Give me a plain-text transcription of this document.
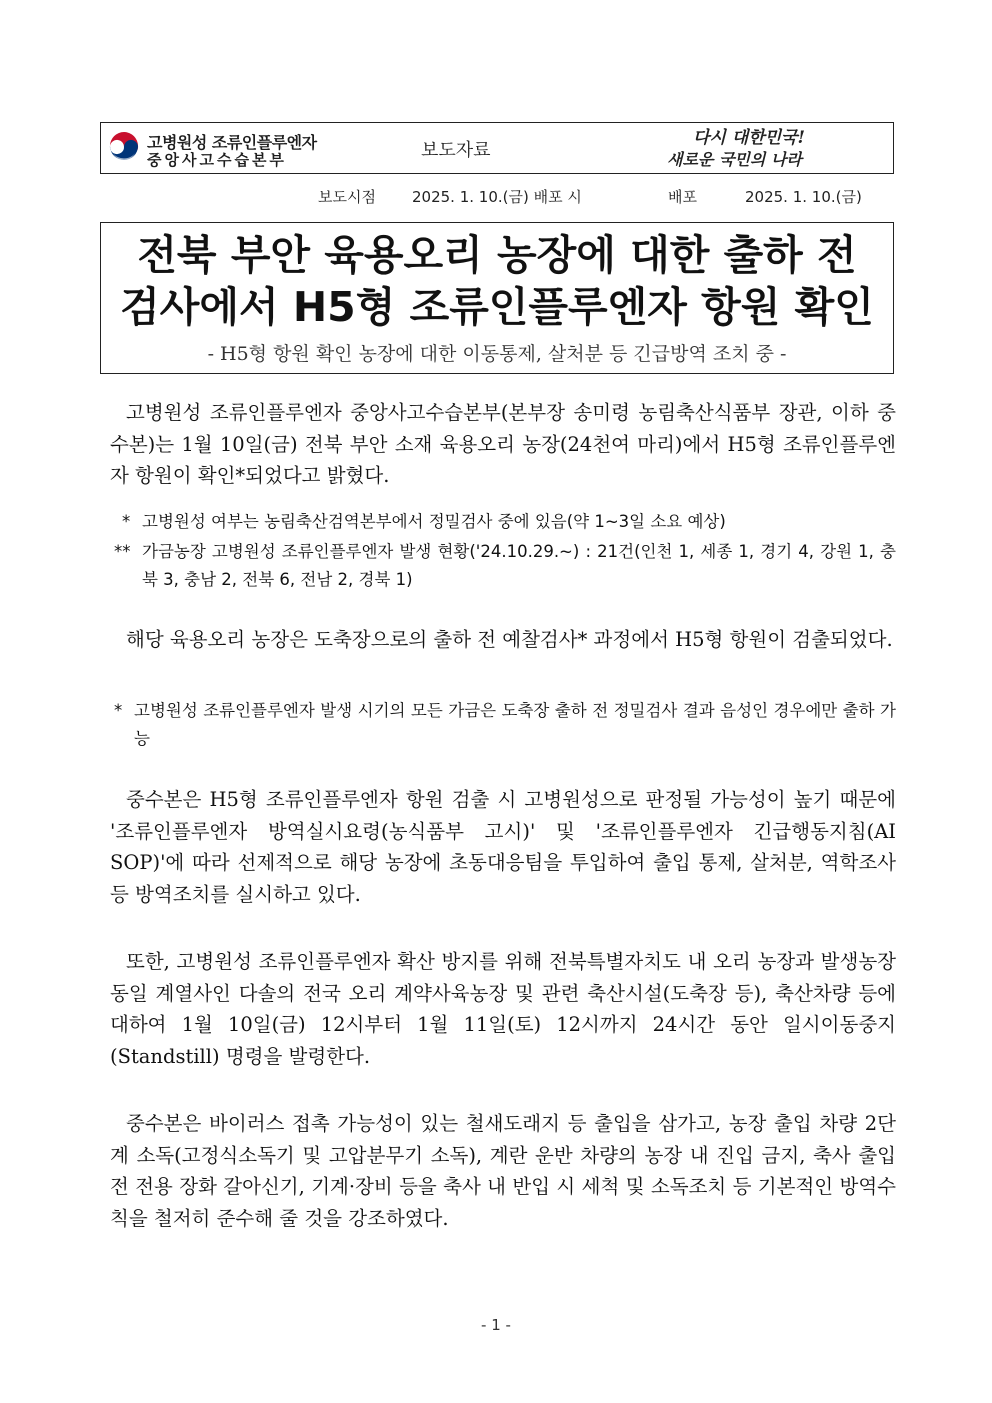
고병원성 조류인플루엔자
중앙사고수습본부	보도자료
다시 대한민국!
새로운 국민의 나라
보도시점 2025. 1. 10.(금) 배포 시	배포	2025. 1. 10.(금)
전북 부안 육용오리 농장에 대한 출하 전
검사에서 H5형 조류인플루엔자 항원 확인
- H5형 항원 확인 농장에 대한 이동통제, 살처분 등 긴급방역 조치 중 -
고병원성 조류인플루엔자 중앙사고수습본부(본부장 송미령 농림축산식품부 장관, 이하 중수본)는 1월 10일(금) 전북 부안 소재 육용오리 농장(24천여 마리)에서 H5형 조류인플루엔자 항원이 확인*되었다고 밝혔다.
* 고병원성 여부는 농림축산검역본부에서 정밀검사 중에 있음(약 1~3일 소요 예상)
** 가금농장 고병원성 조류인플루엔자 발생 현황('24.10.29.~) : 21건(인천 1, 세종 1, 경기 4, 강원 1, 충북 3, 충남 2, 전북 6, 전남 2, 경북 1)
해당 육용오리 농장은 도축장으로의 출하 전 예찰검사* 과정에서 H5형 항원이 검출되었다.
* 고병원성 조류인플루엔자 발생 시기의 모든 가금은 도축장 출하 전 정밀검사 결과 음성인 경우에만 출하 가능
중수본은 H5형 조류인플루엔자 항원 검출 시 고병원성으로 판정될 가능성이 높기 때문에 '조류인플루엔자 방역실시요령(농식품부 고시)' 및 '조류인플루엔자 긴급행동지침(AI SOP)'에 따라 선제적으로 해당 농장에 초동대응팀을 투입하여 출입 통제, 살처분, 역학조사 등 방역조치를 실시하고 있다.
또한, 고병원성 조류인플루엔자 확산 방지를 위해 전북특별자치도 내 오리 농장과 발생농장 동일 계열사인 다솔의 전국 오리 계약사육농장 및 관련 축산시설(도축장 등), 축산차량 등에 대하여 1월 10일(금) 12시부터 1월 11일(토) 12시까지 24시간 동안 일시이동중지(Standstill) 명령을 발령한다.
중수본은 바이러스 접촉 가능성이 있는 철새도래지 등 출입을 삼가고, 농장 출입 차량 2단계 소독(고정식소독기 및 고압분무기 소독), 계란 운반 차량의 농장 내 진입 금지, 축사 출입 전 전용 장화 갈아신기, 기계·장비 등을 축사 내 반입 시 세척 및 소독조치 등 기본적인 방역수칙을 철저히 준수해 줄 것을 강조하였다.
- 1 -
